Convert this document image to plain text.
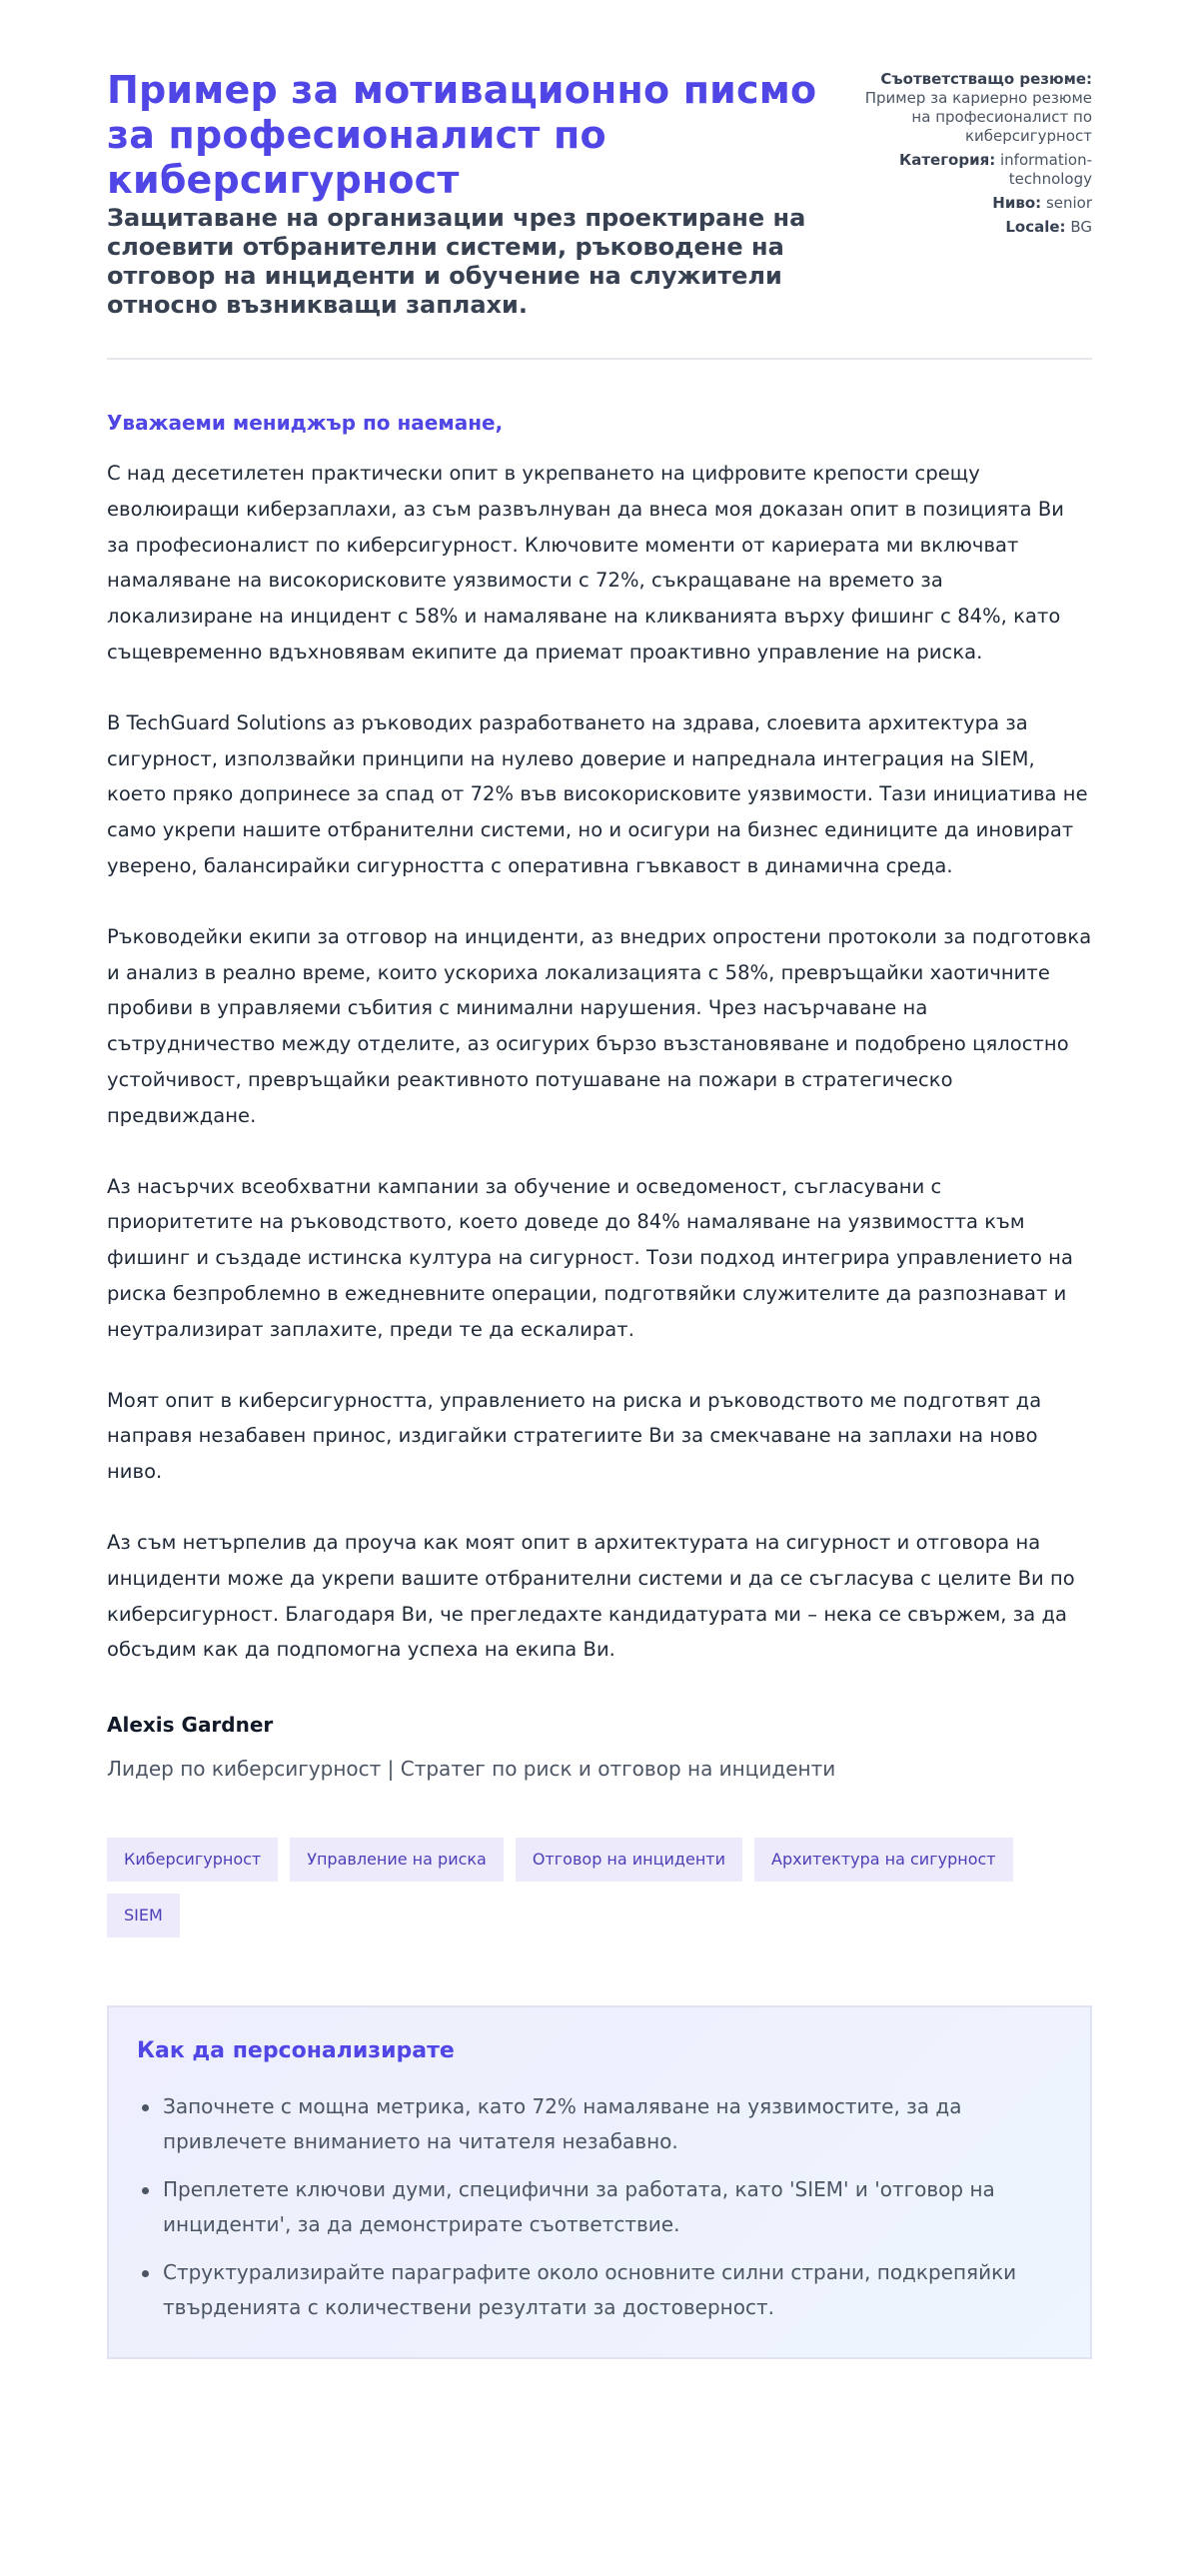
Пример за мотивационно писмо за професионалист по киберсигурност
Защитаване на организации чрез проектиране на слоевити отбранителни системи, ръководене на отговор на инциденти и обучение на служители относно възникващи заплахи.
Съответстващо резюме: Пример за кариерно резюме на професионалист по киберсигурност
Категория: information-technology
Ниво: senior
Locale: BG

Уважаеми мениджър по наемане,

С над десетилетен практически опит в укрепването на цифровите крепости срещу еволюиращи киберзаплахи, аз съм развълнуван да внеса моя доказан опит в позицията Ви за професионалист по киберсигурност. Ключовите моменти от кариерата ми включват намаляване на високорисковите уязвимости с 72%, съкращаване на времето за локализиране на инцидент с 58% и намаляване на кликванията върху фишинг с 84%, като същевременно вдъхновявам екипите да приемат проактивно управление на риска.

В TechGuard Solutions аз ръководих разработването на здрава, слоевита архитектура за сигурност, използвайки принципи на нулево доверие и напреднала интеграция на SIEM, което пряко допринесе за спад от 72% във високорисковите уязвимости. Тази инициатива не само укрепи нашите отбранителни системи, но и осигури на бизнес единиците да иновират уверено, балансирайки сигурността с оперативна гъвкавост в динамична среда.

Ръководейки екипи за отговор на инциденти, аз внедрих опростени протоколи за подготовка и анализ в реално време, които ускориха локализацията с 58%, превръщайки хаотичните пробиви в управляеми събития с минимални нарушения. Чрез насърчаване на сътрудничество между отделите, аз осигурих бързо възстановяване и подобрено цялостно устойчивост, превръщайки реактивното потушаване на пожари в стратегическо предвиждане.

Аз насърчих всеобхватни кампании за обучение и осведоменост, съгласувани с приоритетите на ръководството, което доведе до 84% намаляване на уязвимостта към фишинг и създаде истинска култура на сигурност. Този подход интегрира управлението на риска безпроблемно в ежедневните операции, подготвяйки служителите да разпознават и неутрализират заплахите, преди те да ескалират.

Моят опит в киберсигурността, управлението на риска и ръководството ме подготвят да направя незабавен принос, издигайки стратегиите Ви за смекчаване на заплахи на ново ниво.

Аз съм нетърпелив да проуча как моят опит в архитектурата на сигурност и отговора на инциденти може да укрепи вашите отбранителни системи и да се съгласува с целите Ви по киберсигурност. Благодаря Ви, че прегледахте кандидатурата ми – нека се свържем, за да обсъдим как да подпомогна успеха на екипа Ви.

Alexis Gardner
Лидер по киберсигурност | Стратег по риск и отговор на инциденти
Киберсигурност	Управление на риска	Отговор на инциденти	Архитектура на сигурност
SIEM
Как да персонализирате
Започнете с мощна метрика, като 72% намаляване на уязвимостите, за да привлечете вниманието на читателя незабавно.
Преплетете ключови думи, специфични за работата, като 'SIEM' и 'отговор на инциденти', за да демонстрирате съответствие.
Структурализирайте параграфите около основните силни страни, подкрепяйки твърденията с количествени резултати за достоверност.
